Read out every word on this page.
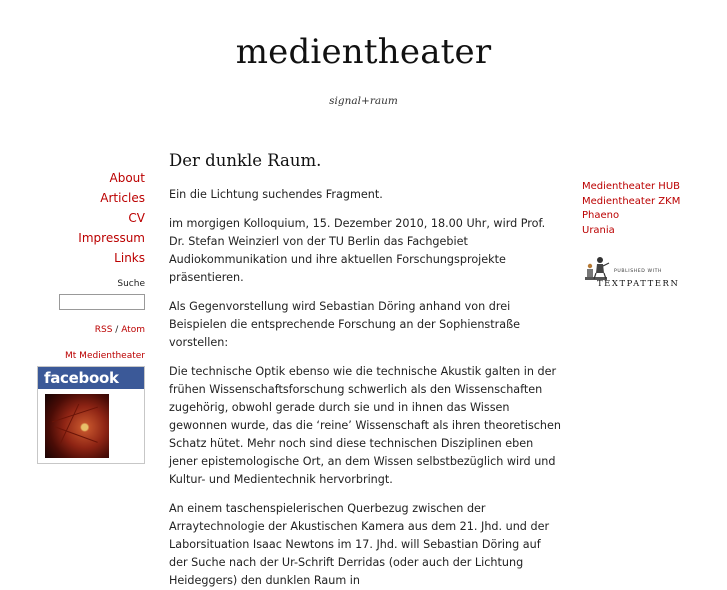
medientheater
signal+raum
About
Articles
CV
Impressum
Links
Suche
RSS / Atom
Mt Medientheater
facebook
Der dunkle Raum.

Ein die Lichtung suchendes Fragment.

im morgigen Kolloquium, 15. Dezember 2010, 18.00 Uhr, wird Prof. Dr. Stefan Weinzierl von der TU Berlin das Fachgebiet Audiokommunikation und ihre aktuellen Forschungsprojekte präsentieren.

Als Gegenvorstellung wird Sebastian Döring anhand von drei Beispielen die entsprechende Forschung an der Sophienstraße vorstellen:

Die technische Optik ebenso wie die technische Akustik galten in der frühen Wissenschaftsforschung schwerlich als den Wissenschaften zugehörig, obwohl gerade durch sie und in ihnen das Wissen gewonnen wurde, das die ‘reine’ Wissenschaft als ihren theoretischen Schatz hütet. Mehr noch sind diese technischen Disziplinen eben jener epistemologische Ort, an dem Wissen selbstbezüglich wird und Kultur- und Medientechnik hervorbringt.

An einem taschenspielerischen Querbezug zwischen der Arraytechnologie der Akustischen Kamera aus dem 21. Jhd. und der Laborsituation Isaac Newtons im 17. Jhd. will Sebastian Döring auf der Suche nach der Ur-Schrift Derridas (oder auch der Lichtung Heideggers) den dunklen Raum in

Medientheater HUB
Medientheater ZKM
Phaeno
Urania
PUBLISHED WITH
TEXTPATTERN
